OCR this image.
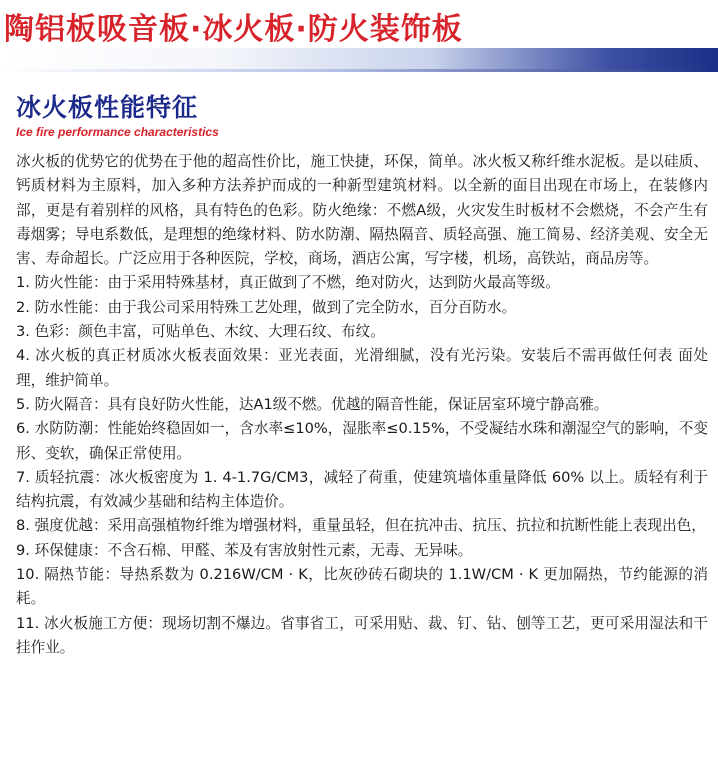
陶铝板吸音板·冰火板·防火装饰板
冰火板性能特征
Ice fire performance characteristics

冰火板的优势它的优势在于他的超高性价比，施工快捷，环保，简单。冰火板又称纤维水泥板。是以硅质、钙质材料为主原料，加入多种方法养护而成的一种新型建筑材料。以全新的面目出现在市场上，在装修内部，更是有着别样的风格，具有特色的色彩。防火绝缘：不燃A级，火灾发生时板材不会燃烧，不会产生有毒烟雾；导电系数低，是理想的绝缘材料、防水防潮、隔热隔音、质轻高强、施工简易、经济美观、安全无害、寿命超长。广泛应用于各种医院，学校，商场，酒店公寓，写字楼，机场，高铁站，商品房等。

1. 防火性能：由于采用特殊基材，真正做到了不燃，绝对防火，达到防火最高等级。

2. 防水性能：由于我公司采用特殊工艺处理，做到了完全防水，百分百防水。

3. 色彩：颜色丰富，可贴单色、木纹、大理石纹、布纹。

4. 冰火板的真正材质冰火板表面效果：亚光表面，光滑细腻，没有光污染。安装后不需再做任何表 面处理，维护简单。

5. 防火隔音：具有良好防火性能，达A1级不燃。优越的隔音性能，保证居室环境宁静高雅。

6. 水防防潮：性能始终稳固如一，含水率≤10%，湿胀率≤0.15%，不受凝结水珠和潮湿空气的影响，不变形、变软，确保正常使用。

7. 质轻抗震：冰火板密度为 1. 4-1.7G/CM3，减轻了荷重，使建筑墙体重量降低 60% 以上。质轻有利于结构抗震，有效减少基础和结构主体造价。

8. 强度优越：采用高强植物纤维为增强材料，重量虽轻，但在抗冲击、抗压、抗拉和抗断性能上表现出色，

9. 环保健康：不含石棉、甲醛、苯及有害放射性元素，无毒、无异味。

10. 隔热节能：导热系数为 0.216W/CM · K，比灰砂砖石砌块的 1.1W/CM · K 更加隔热，节约能源的消耗。

11. 冰火板施工方便：现场切割不爆边。省事省工，可采用贴、裁、钉、钻、刨等工艺，更可采用湿法和干挂作业。
